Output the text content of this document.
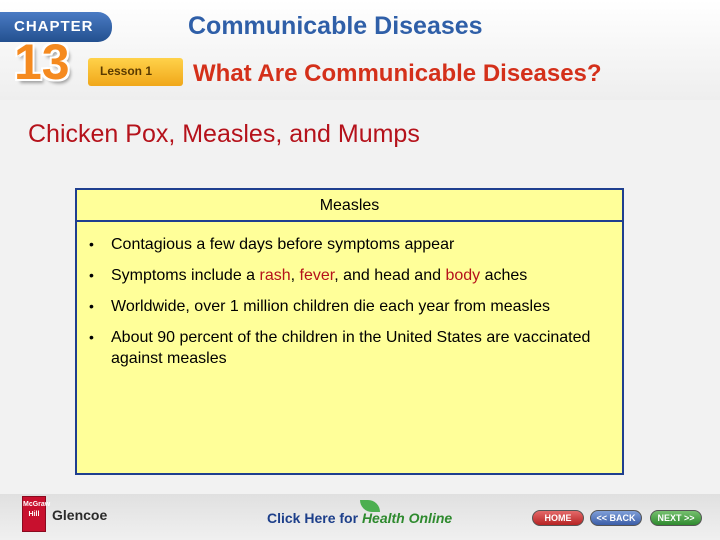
CHAPTER
13	Lesson 1
Communicable Diseases
What Are Communicable Diseases?
Chicken Pox, Measles, and Mumps
Measles
• Contagious a few days before symptoms appear
• Symptoms include a rash, fever, and head and body aches
• Worldwide, over 1 million children die each year from measles
• About 90 percent of the children in the United States are vaccinated against measles
McGraw Hill Glencoe	Click Here for Health Online	HOME	<< BACK	NEXT >>
